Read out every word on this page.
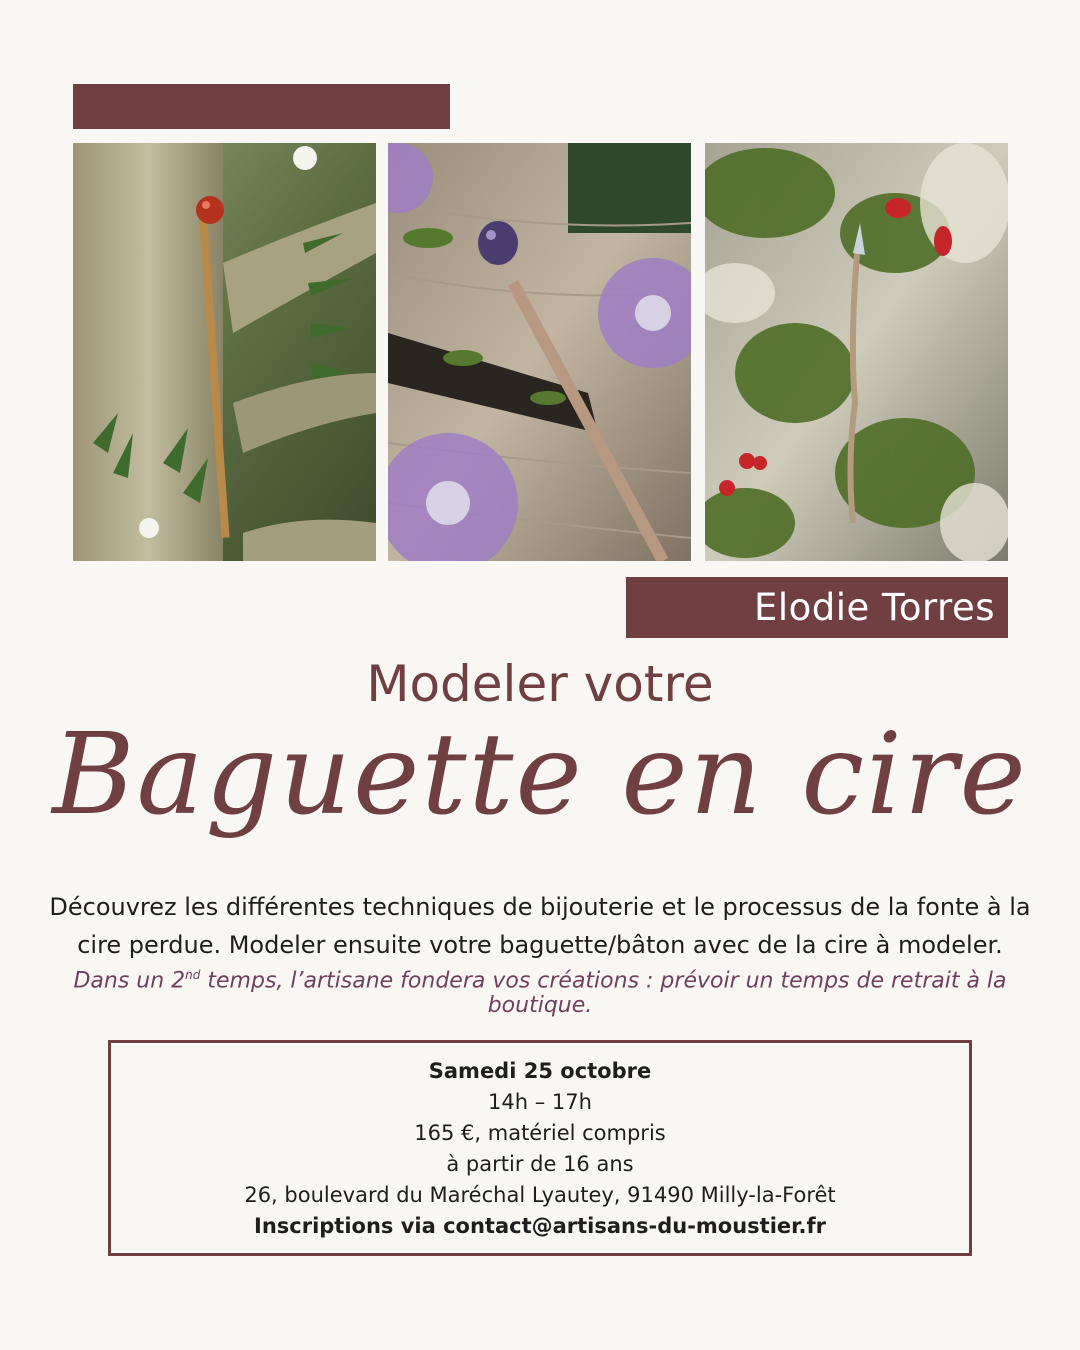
Elodie Torres
Modeler votre
Baguette en cire
Découvrez les différentes techniques de bijouterie et le processus de la fonte à la cire perdue. Modeler ensuite votre baguette/bâton avec de la cire à modeler.
Dans un 2nd temps, l’artisane fondera vos créations : prévoir un temps de retrait à la boutique.
Samedi 25 octobre
14h – 17h
165 €, matériel compris
à partir de 16 ans
26, boulevard du Maréchal Lyautey, 91490 Milly-la-Forêt
Inscriptions via contact@artisans-du-moustier.fr
